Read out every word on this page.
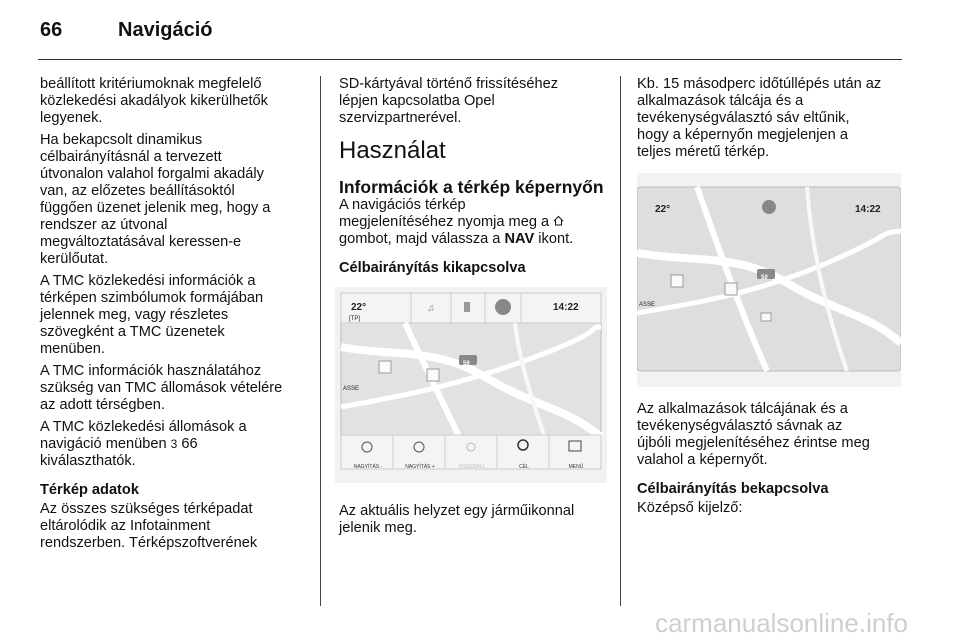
66	Navigáció

beállított kritériumoknak megfelelő
közlekedési akadályok kikerülhetők
legyenek.

Ha bekapcsolt dinamikus
célbairányításnál a tervezett
útvonalon valahol forgalmi akadály
van, az előzetes beállításoktól
függően üzenet jelenik meg, hogy a
rendszer az útvonal
megváltoztatásával keressen-e
kerülőutat.

A TMC közlekedési információk a
térképen szimbólumok formájában
jelennek meg, vagy részletes
szövegként a TMC üzenetek
menüben.

A TMC információk használatához
szükség van TMC állomások vételére
az adott térségben.

A TMC közlekedési állomások a
navigáció menüben 3 66
kiválaszthatók.

Térkép adatok

Az összes szükséges térképadat
eltárolódik az Infotainment
rendszerben. Térképszoftverének

SD-kártyával történő frissítéséhez
lépjen kapcsolatba Opel
szervizpartnerével.

Használat
Információk a térkép képernyőn

A navigációs térkép
megjelenítéséhez nyomja meg a
gombot, majd válassza a NAV ikont.

Célbairányítás kikapcsolva

♫
22°
[TP]
14:22
59
ASSE
NAGYÍTÁS -	NAGYÍTÁS +	VISSZAÁLL	CÉL	MENÜ

Az aktuális helyzet egy járműikonnal
jelenik meg.

Kb. 15 másodperc időtúllépés után az
alkalmazások tálcája és a
tevékenységválasztó sáv eltűnik,
hogy a képernyőn megjelenjen a
teljes méretű térkép.

22°	14:22
59
ASSE

Az alkalmazások tálcájának és a
tevékenységválasztó sávnak az
újbóli megjelenítéséhez érintse meg
valahol a képernyőt.

Célbairányítás bekapcsolva

Középső kijelző:

carmanualsonline.info
